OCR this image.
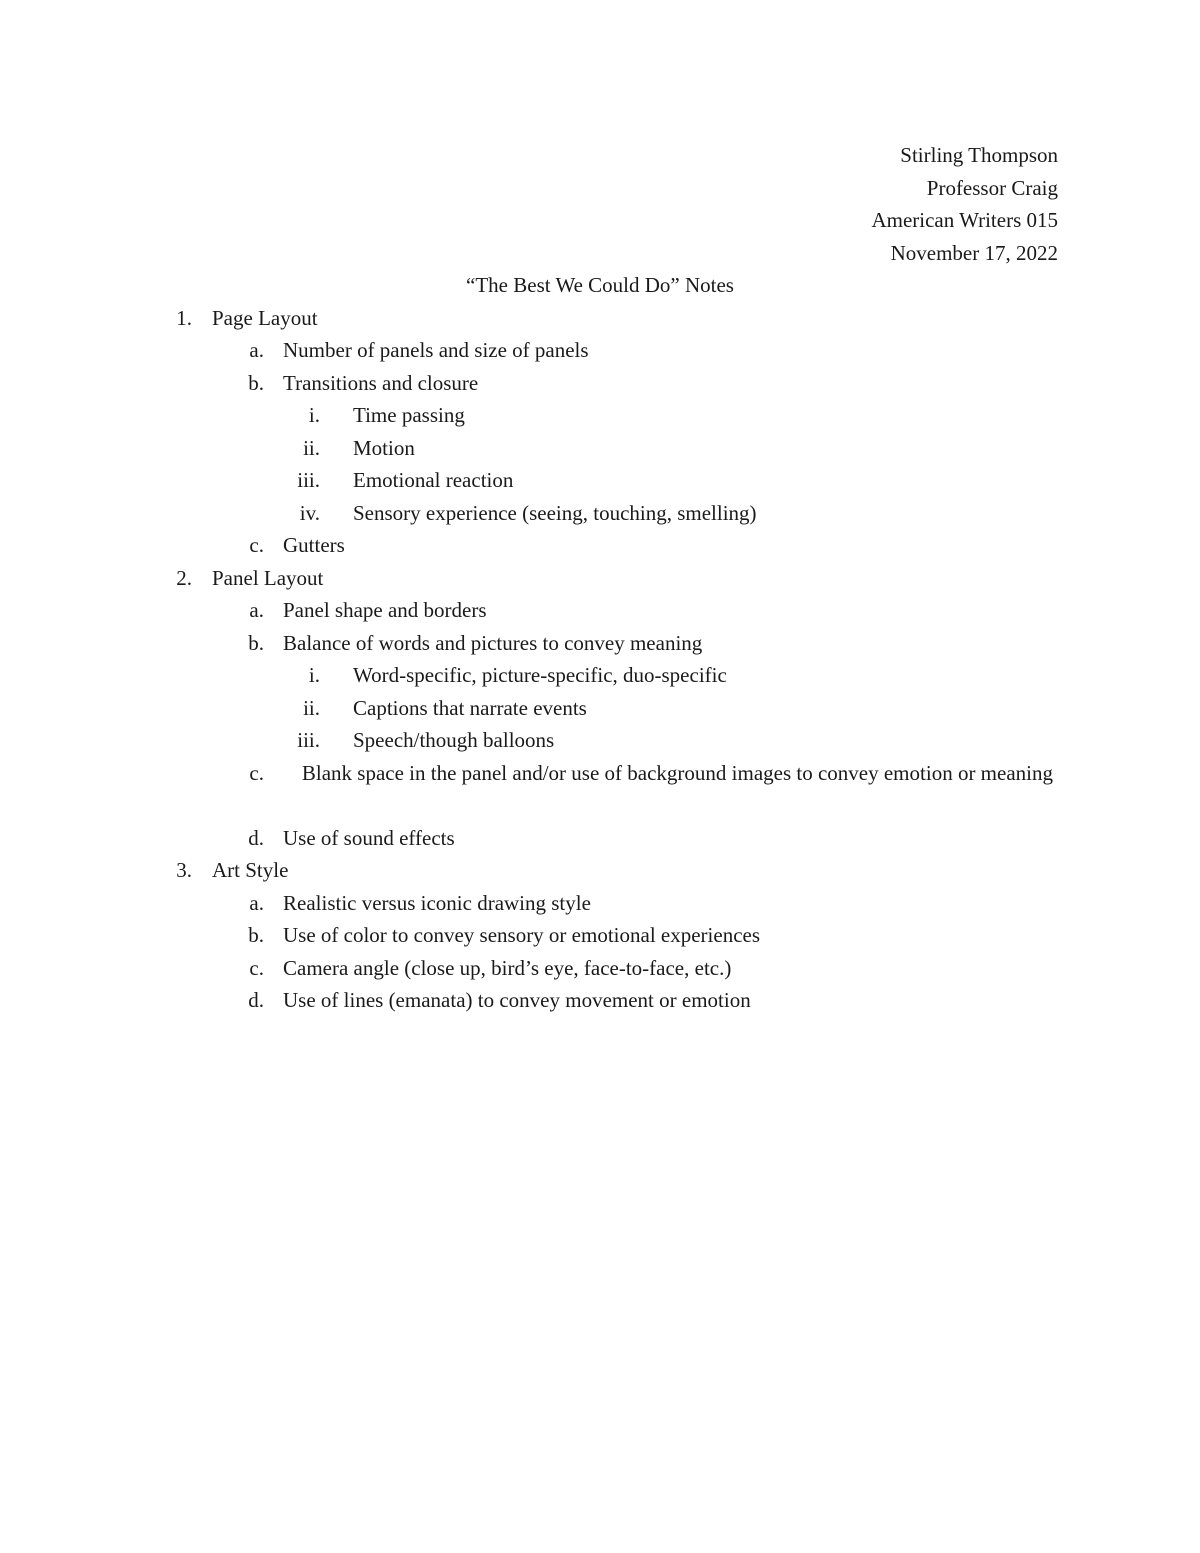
Stirling Thompson
Professor Craig
American Writers 015
November 17, 2022
“The Best We Could Do” Notes
1. Page Layout
a. Number of panels and size of panels
b. Transitions and closure
i. Time passing
ii. Motion
iii. Emotional reaction
iv. Sensory experience (seeing, touching, smelling)
c. Gutters
2. Panel Layout
a. Panel shape and borders
b. Balance of words and pictures to convey meaning
i. Word-specific, picture-specific, duo-specific
ii. Captions that narrate events
iii. Speech/though balloons
c.	Blank space in the panel and/or use of background images to convey emotion or meaning
d. Use of sound effects
3. Art Style
a. Realistic versus iconic drawing style
b. Use of color to convey sensory or emotional experiences
c. Camera angle (close up, bird’s eye, face-to-face, etc.)
d. Use of lines (emanata) to convey movement or emotion
